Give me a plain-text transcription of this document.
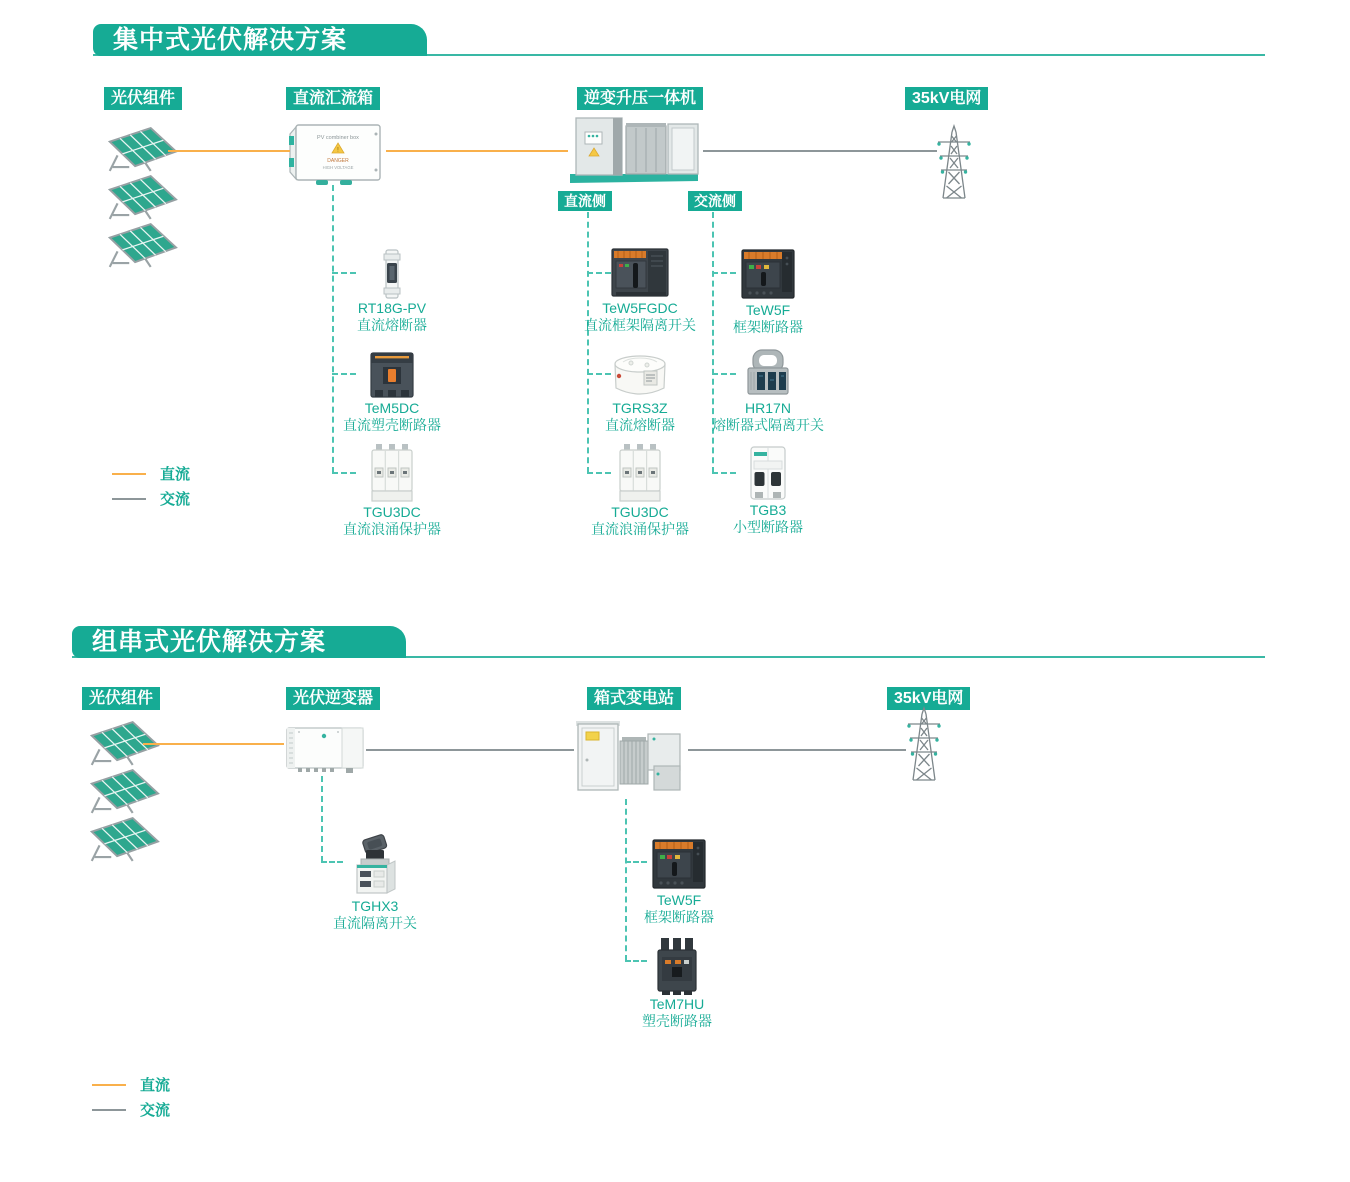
集中式光伏解决方案
光伏组件	直流汇流箱	逆变升压一体机	35kV电网
PV combiner box
!
DANGER
HIGH VOLTAGE
直流侧	交流侧
RT18G-PV
直流熔断器
TeM5DC
直流塑壳断路器
TGU3DC
直流浪涌保护器
TeW5FGDC
直流框架隔离开关
TGRS3Z
直流熔断器
TGU3DC
直流浪涌保护器
TeW5F
框架断路器
HR17N
熔断器式隔离开关
TGB3
小型断路器
直流
交流
组串式光伏解决方案
光伏组件	光伏逆变器	箱式变电站	35kV电网
TGHX3
直流隔离开关
TeW5F
框架断路器
TeM7HU
塑壳断路器
直流
交流
